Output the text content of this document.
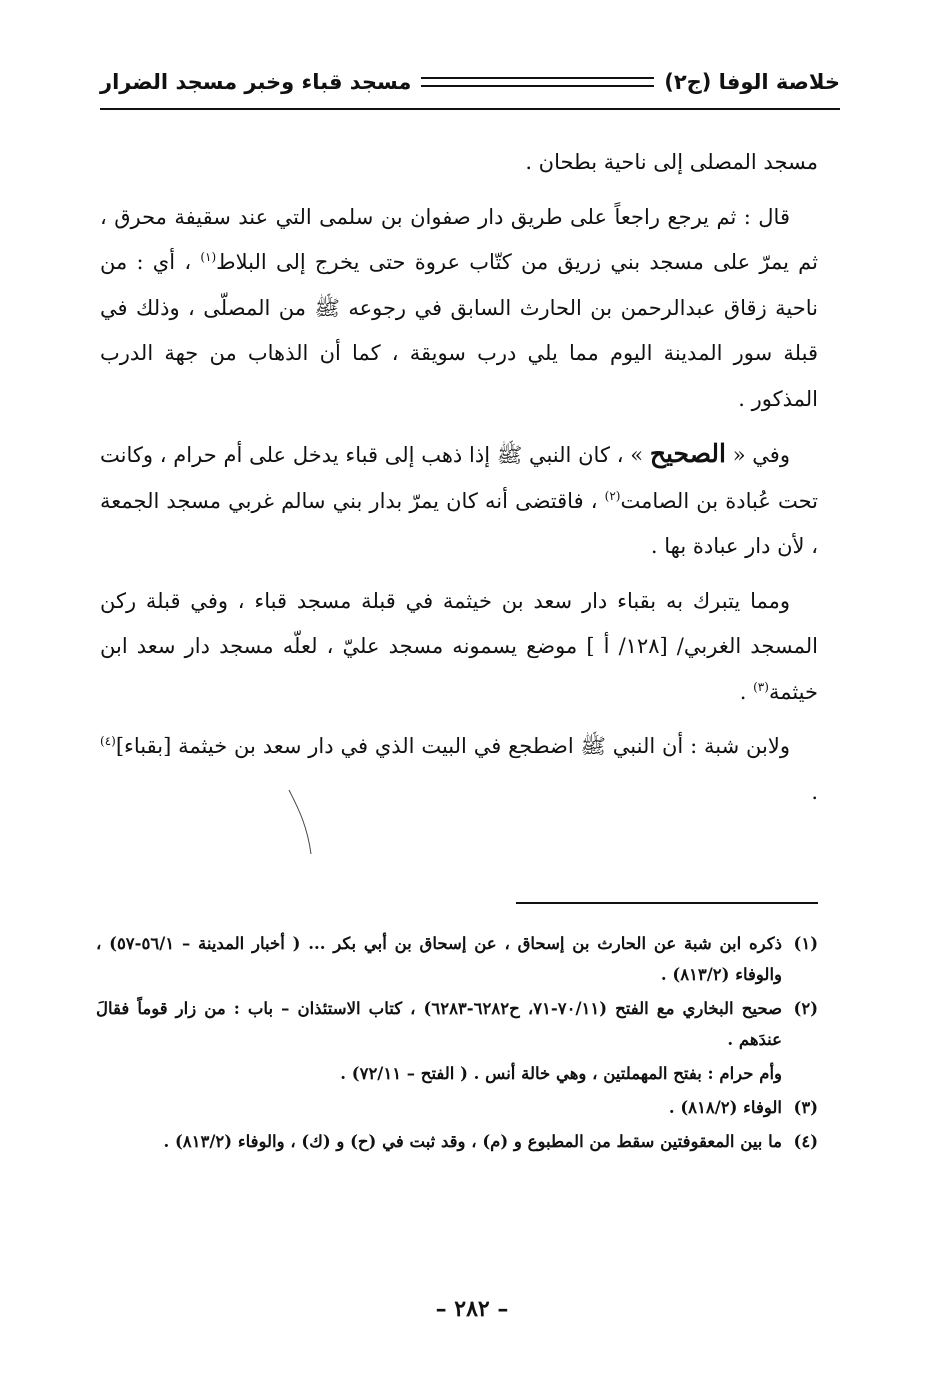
خلاصة الوفا (ج٢)
مسجد قباء وخبر مسجد الضرار

مسجد المصلى إلى ناحية بطحان .

قال : ثم يرجع راجعاً على طريق دار صفوان بن سلمى التي عند سقيفة محرق ، ثم يمرّ على مسجد بني زريق من كتّاب عروة حتى يخرج إلى البلاط$^{(١)}$ ، أي : من ناحية زقاق عبدالرحمن بن الحارث السابق في رجوعه ﷺ من المصلّى ، وذلك في قبلة سور المدينة اليوم مما يلي درب سويقة ، كما أن الذهاب من جهة الدرب المذكور .

وفي « الصحيح » ، كان النبي ﷺ إذا ذهب إلى قباء يدخل على أم حرام ، وكانت تحت عُبادة بن الصامت$^{(٢)}$ ، فاقتضى أنه كان يمرّ بدار بني سالم غربي مسجد الجمعة ، لأن دار عبادة بها .

ومما يتبرك به بقباء دار سعد بن خيثمة في قبلة مسجد قباء ، وفي قبلة ركن المسجد الغربي/ [١٢٨/ أ ] موضع يسمونه مسجد عليّ ، لعلّه مسجد دار سعد ابن خيثمة$^{(٣)}$ .

ولابن شبة : أن النبي ﷺ اضطجع في البيت الذي في دار سعد بن خيثمة [بقباء]$^{(٤)}$ .

(١)
ذكره ابن شبة عن الحارث بن إسحاق ، عن إسحاق بن أبي بكر ... ( أخبار المدينة – ٥٦/١-٥٧) ، والوفاء (٨١٣/٢) .
(٢)
صحيح البخاري مع الفتح (٧٠/١١-٧١، ح٦٢٨٢-٦٢٨٣) ، كتاب الاستئذان – باب : من زار قوماً فقالَ عندَهم .
وأم حرام : بفتح المهملتين ، وهي خالة أنس . ( الفتح – ٧٢/١١) .
(٣)
الوفاء (٨١٨/٢) .
(٤)
ما بين المعقوفتين سقط من المطبوع و (م) ، وقد ثبت في (ح) و (ك) ، والوفاء (٨١٣/٢) .
– ٢٨٢ –
